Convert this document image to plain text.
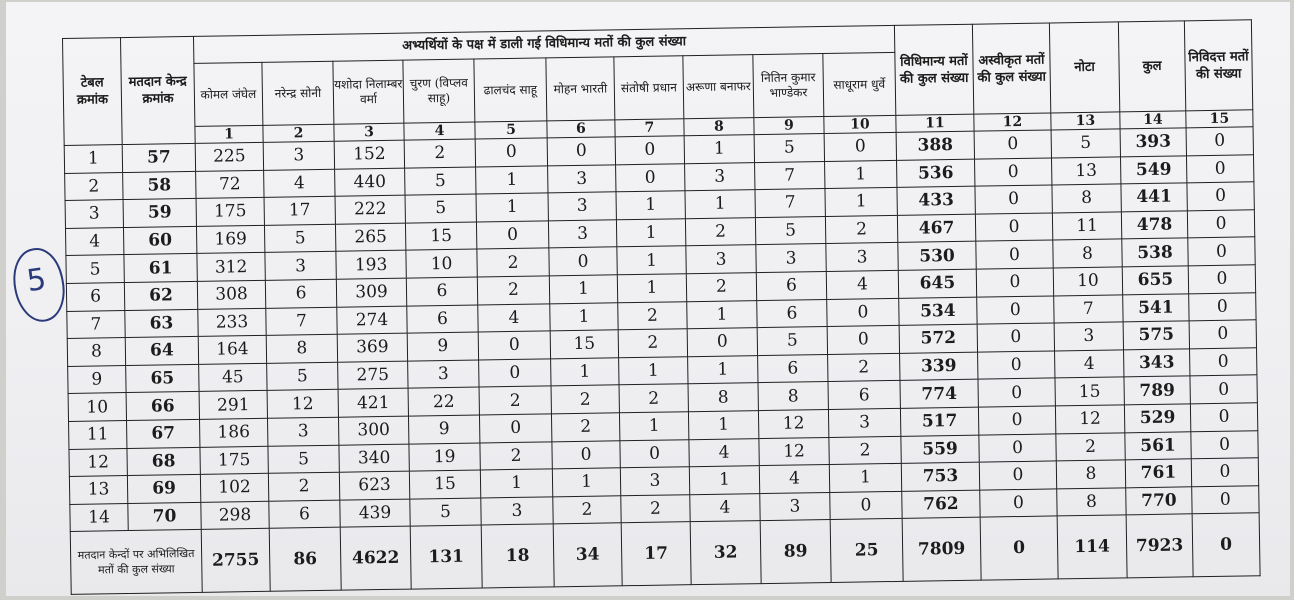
टेबल क्रमांक	मतदान केन्द्र क्रमांक	अभ्यर्थियों के पक्ष में डाली गई विधिमान्य मतों की कुल संख्या										विधिमान्य मतों की कुल संख्या	अस्वीकृत मतों की कुल संख्या	नोटा	कुल	निविदत्त मतों की संख्या
		कोमल जंघेल	नरेन्द्र सोनी	यशोदा निलाम्बर वर्मा	चुरण (विप्लव साहू)	ढालचंद साहू	मोहन भारती	संतोषी प्रधान	अरूणा बनाफर	नितिन कुमार भाण्डेकर	साधूराम धुर्वे					
		1	2	3	4	5	6	7	8	9	10	11	12	13	14	15
1	57	225	3	152	2	0	0	0	1	5	0	388	0	5	393	0
2	58	72	4	440	5	1	3	0	3	7	1	536	0	13	549	0
3	59	175	17	222	5	1	3	1	1	7	1	433	0	8	441	0
4	60	169	5	265	15	0	3	1	2	5	2	467	0	11	478	0
5	61	312	3	193	10	2	0	1	3	3	3	530	0	8	538	0
6	62	308	6	309	6	2	1	1	2	6	4	645	0	10	655	0
7	63	233	7	274	6	4	1	2	1	6	0	534	0	7	541	0
8	64	164	8	369	9	0	15	2	0	5	0	572	0	3	575	0
9	65	45	5	275	3	0	1	1	1	6	2	339	0	4	343	0
10	66	291	12	421	22	2	2	2	8	8	6	774	0	15	789	0
11	67	186	3	300	9	0	2	1	1	12	3	517	0	12	529	0
12	68	175	5	340	19	2	0	0	4	12	2	559	0	2	561	0
13	69	102	2	623	15	1	1	3	1	4	1	753	0	8	761	0
14	70	298	6	439	5	3	2	2	4	3	0	762	0	8	770	0
मतदान केन्दों पर अभिलिखित मतों की कुल संख्या		2755	86	4622	131	18	34	17	32	89	25	7809	0	114	7923	0
5
